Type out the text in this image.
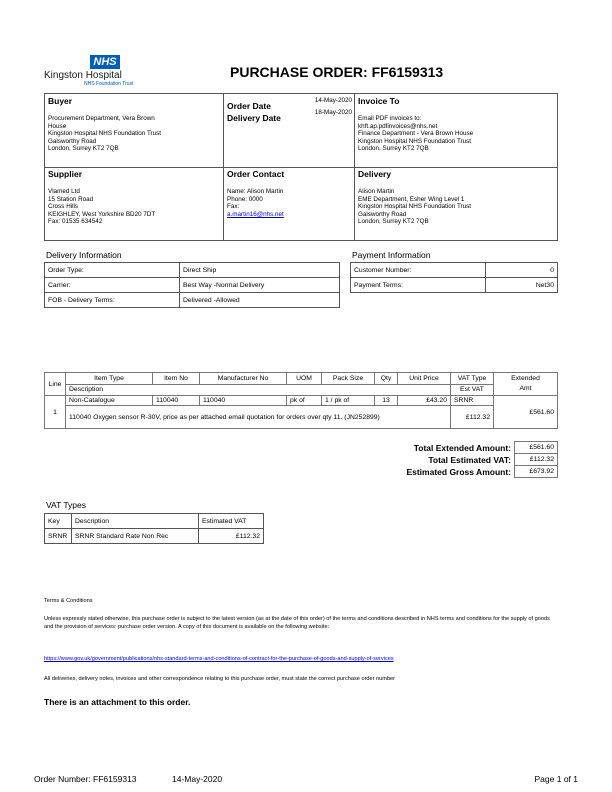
NHS
Kingston Hospital
NHS Foundation Trust
PURCHASE ORDER: FF6159313
Buyer
Procurement Department, Vera Brown
House
Kingston Hospital NHS Foundation Trust
Galsworthy Road
London, Surrey KT2 7QB
Order Date
14-May-2020
Delivery Date
18-May-2020
Invoice To
Email PDF invoices to:
khft.ap.pdfinvoices@nhs.net
Finance Department - Vera Brown House
Kingston Hospital NHS Foundation Trust
London, Surrey KT2 7QB
Supplier
Vlamed Ltd
15 Station Road
Cross Hills
KEIGHLEY, West Yorkshire BD20 7DT
Fax: 01535 634542
Order Contact
Name: Alison Martin
Phone: 0000
Fax:
a.martin16@nhs.net
Delivery
Alison Martin
EME Department, Esher Wing Level 1
Kingston Hospital NHS Foundation Trust
Galsworthy Road
London, Surrey KT2 7QB
Delivery Information
Order Type:	Direct Ship
Carrier:	Best Way -Normal Delivery
FOB - Delivery Terms:	Delivered -Allowed
Payment Information
Customer Number:	0
Payment Terms:	Net30
Line	Item Type	Item No	Manufacturer No	UOM	Pack Size	Qty	Unit Price	VAT Type	Extended
Amt

	Description							Est VAT	
1	Non-Catalogue	110040	110040	pk of	1 / pk of	13	£43.20	SRNR	£561.60
	110040 Oxygen sensor R-30V, price as per attached email quotation for orders over qty 11. (JN252899)							£112.32	
Total Extended Amount:	£561.60
Total Estimated VAT:	£112.32
Estimated Gross Amount:	£673.92
VAT Types
Key	Description	Estimated VAT
SRNR	SRNR Standard Rate Non Rec	£112.32
Terms & Conditions
Unless expressly stated otherwise, this purchase order is subject to the latest version (as at the date of this order) of the terms and conditions described in NHS terms and conditions for the supply of goods and the provision of services: purchase order version. A copy of this document is available on the following website:
https://www.gov.uk/government/publications/nhs-standard-terms-and-conditions-of-contract-for-the-purchase-of-goods-and-supply-of-services
All deliveries, delivery notes, invoices and other correspondence relating to this purchase order, must state the correct purchase order number
There is an attachment to this order.
Order Number: FF6159313	14-May-2020	Page 1 of 1
